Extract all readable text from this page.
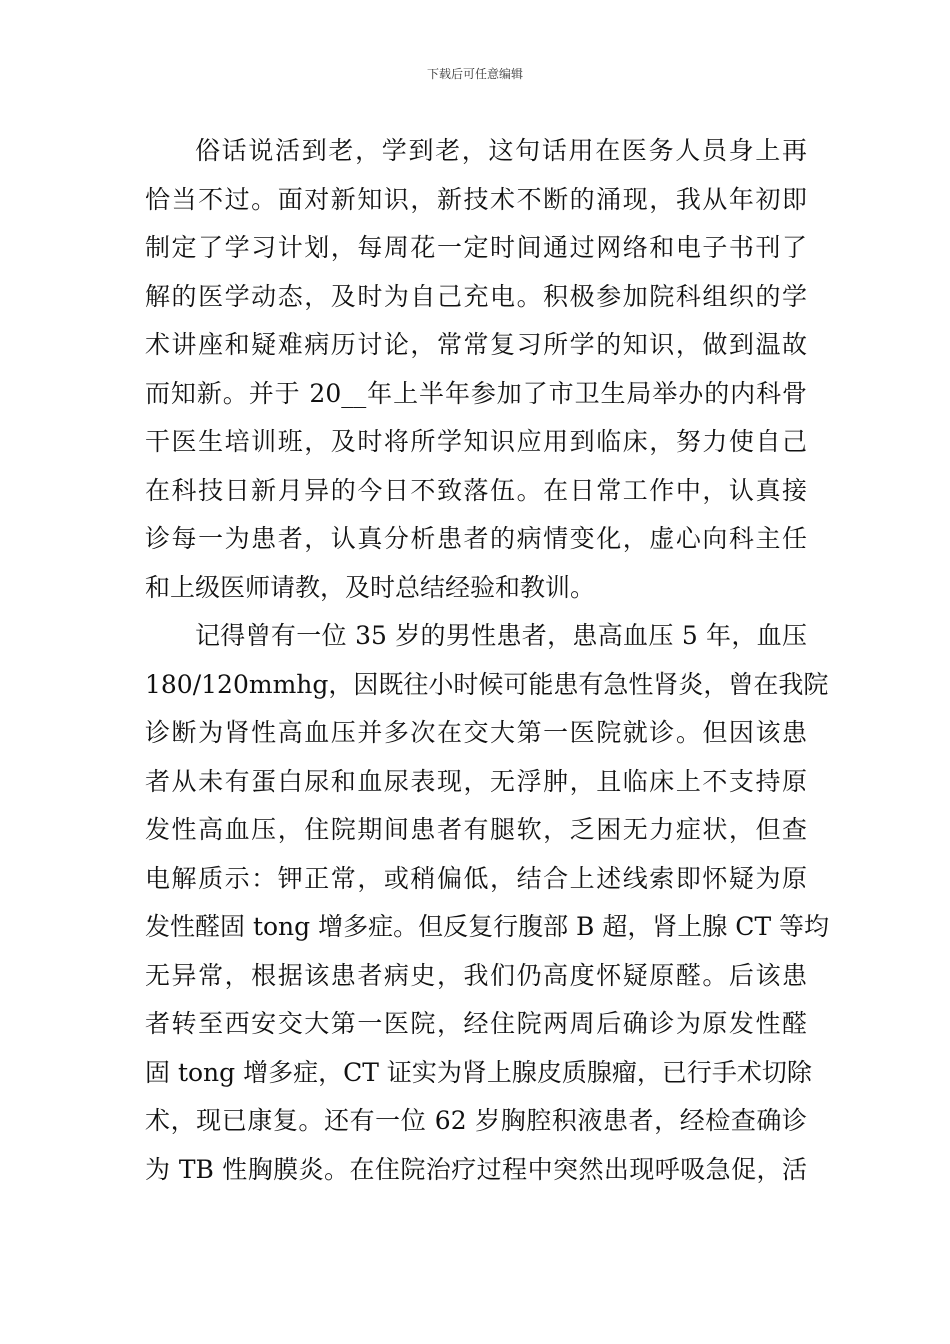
下载后可任意编辑
俗话说活到老，学到老，这句话用在医务人员身上再
恰当不过。面对新知识，新技术不断的涌现，我从年初即
制定了学习计划，每周花一定时间通过网络和电子书刊了
解的医学动态，及时为自己充电。积极参加院科组织的学
术讲座和疑难病历讨论，常常复习所学的知识，做到温故
而知新。并于 20__年上半年参加了市卫生局举办的内科骨
干医生培训班，及时将所学知识应用到临床，努力使自己
在科技日新月异的今日不致落伍。在日常工作中，认真接
诊每一为患者，认真分析患者的病情变化，虚心向科主任
和上级医师请教，及时总结经验和教训。
记得曾有一位 35 岁的男性患者，患高血压 5 年，血压
180/120mmhg，因既往小时候可能患有急性肾炎，曾在我院
诊断为肾性高血压并多次在交大第一医院就诊。但因该患
者从未有蛋白尿和血尿表现，无浮肿，且临床上不支持原
发性高血压，住院期间患者有腿软，乏困无力症状，但查
电解质示：钾正常，或稍偏低，结合上述线索即怀疑为原
发性醛固 tong 增多症。但反复行腹部 B 超，肾上腺 CT 等均
无异常，根据该患者病史，我们仍高度怀疑原醛。后该患
者转至西安交大第一医院，经住院两周后确诊为原发性醛
固 tong 增多症，CT 证实为肾上腺皮质腺瘤，已行手术切除
术，现已康复。还有一位 62 岁胸腔积液患者，经检查确诊
为 TB 性胸膜炎。在住院治疗过程中突然出现呼吸急促，活
